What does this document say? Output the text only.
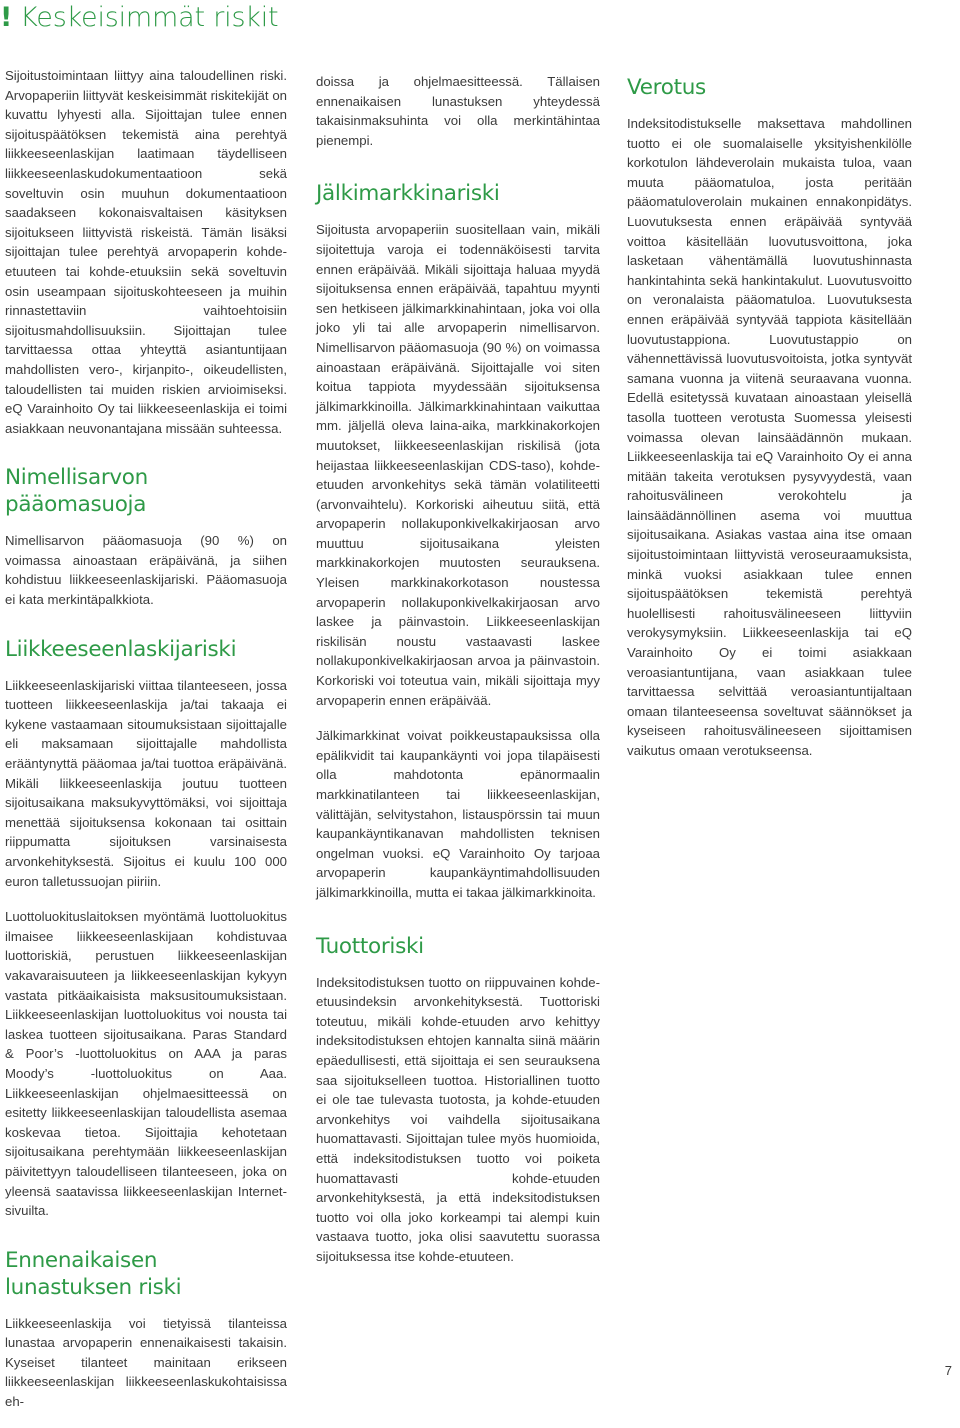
! Keskeisimmät riskit

Sijoitustoimintaan liittyy aina taloudellinen riski. Arvopaperiin liittyvät keskeisimmät riskitekijät on kuvattu lyhyesti alla. Sijoittajan tulee ennen sijoituspäätöksen tekemistä aina perehtyä liikkeeseenlaskijan laatimaan täydelliseen liikkeeseenlaskudokumentaatioon sekä soveltuvin osin muuhun dokumentaatioon saadakseen kokonaisvaltaisen käsityksen sijoitukseen liittyvistä riskeistä. Tämän lisäksi sijoittajan tulee perehtyä arvopaperin kohde-etuuteen tai kohde-etuuksiin sekä soveltuvin osin useampaan sijoituskohteeseen ja muihin rinnastettaviin vaihtoehtoisiin sijoitusmahdollisuuksiin. Sijoittajan tulee tarvittaessa ottaa yhteyttä asiantuntijaan mahdollisten vero-, kirjanpito-, oikeudellisten, taloudellisten tai muiden riskien arvioimiseksi. eQ Varainhoito Oy tai liikkeeseenlaskija ei toimi asiakkaan neuvonantajana missään suhteessa.

Nimellisarvon pääomasuoja

Nimellisarvon pääomasuoja (90 %) on voimassa ainoastaan eräpäivänä, ja siihen kohdistuu liikkeeseenlaskijariski. Pääomasuoja ei kata merkintäpalkkiota.

Liikkeeseenlaskijariski

Liikkeeseenlaskijariski viittaa tilanteeseen, jossa tuotteen liikkeeseenlaskija ja/tai takaaja ei kykene vastaamaan sitoumuksistaan sijoittajalle eli maksamaan sijoittajalle mahdollista erääntynyttä pääomaa ja/tai tuottoa eräpäivänä. Mikäli liikkeeseenlaskija joutuu tuotteen sijoitusaikana maksukyvyttömäksi, voi sijoittaja menettää sijoituksensa kokonaan tai osittain riippumatta sijoituksen varsinaisesta arvonkehityksestä. Sijoitus ei kuulu 100 000 euron talletussuojan piiriin.

Luottoluokituslaitoksen myöntämä luottoluokitus ilmaisee liikkeeseenlaskijaan kohdistuvaa luottoriskiä, perustuen liikkeeseenlaskijan vakavaraisuuteen ja liikkeeseenlaskijan kykyyn vastata pitkäaikaisista maksusitoumuksistaan. Liikkeeseenlaskijan luottoluokitus voi nousta tai laskea tuotteen sijoitusaikana. Paras Standard & Poor’s -luottoluokitus on AAA ja paras Moody’s -luottoluokitus on Aaa. Liikkeeseenlaskijan ohjelmaesitteessä on esitetty liikkeeseenlaskijan taloudellista asemaa koskevaa tietoa. Sijoittajia kehotetaan sijoitusaikana perehtymään liikkeeseenlaskijan päivitettyyn taloudelliseen tilanteeseen, joka on yleensä saatavissa liikkeeseenlaskijan Internet-sivuilta.

Ennenaikaisen lunastuksen riski

Liikkeeseenlaskija voi tietyissä tilanteissa lunastaa arvopaperin ennenaikaisesti takaisin. Kyseiset tilanteet mainitaan erikseen liikkeeseenlaskijan liikkeeseenlaskukohtaisissa eh-

doissa ja ohjelmaesitteessä. Tällaisen ennenaikaisen lunastuksen yhteydessä takaisinmaksuhinta voi olla merkintähintaa pienempi.

Jälkimarkkinariski

Sijoitusta arvopaperiin suositellaan vain, mikäli sijoitettuja varoja ei todennäköisesti tarvita ennen eräpäivää. Mikäli sijoittaja haluaa myydä sijoituksensa ennen eräpäivää, tapahtuu myynti sen hetkiseen jälkimarkkinahintaan, joka voi olla joko yli tai alle arvopaperin nimellisarvon. Nimellisarvon pääomasuoja (90 %) on voimassa ainoastaan eräpäivänä. Sijoittajalle voi siten koitua tappiota myydessään sijoituksensa jälkimarkkinoilla. Jälkimarkkinahintaan vaikuttaa mm. jäljellä oleva laina-aika, markkinakorkojen muutokset, liikkeeseenlaskijan riskilisä (jota heijastaa liikkeeseenlaskijan CDS-taso), kohde-etuuden arvonkehitys sekä tämän volatiliteetti (arvonvaihtelu). Korkoriski aiheutuu siitä, että arvopaperin nollakuponkivelkakirjaosan arvo muuttuu sijoitusaikana yleisten markkinakorkojen muutosten seurauksena. Yleisen markkinakorkotason noustessa arvopaperin nollakuponkivelkakirjaosan arvo laskee ja päinvastoin. Liikkeeseenlaskijan riskilisän noustu vastaavasti laskee nollakuponkivelkakirjaosan arvoa ja päinvastoin. Korkoriski voi toteutua vain, mikäli sijoittaja myy arvopaperin ennen eräpäivää.

Jälkimarkkinat voivat poikkeustapauksissa olla epälikvidit tai kaupankäynti voi jopa tilapäisesti olla mahdotonta epänormaalin markkinatilanteen tai liikkeeseenlaskijan, välittäjän, selvitystahon, listauspörssin tai muun kaupankäyntikanavan mahdollisten teknisen ongelman vuoksi. eQ Varainhoito Oy tarjoaa arvopaperin kaupankäyntimahdollisuuden jälkimarkkinoilla, mutta ei takaa jälkimarkkinoita.

Tuottoriski

Indeksitodistuksen tuotto on riippuvainen kohde-etuusindeksin arvonkehityksestä. Tuottoriski toteutuu, mikäli kohde-etuuden arvo kehittyy indeksitodistuksen ehtojen kannalta siinä määrin epäedullisesti, että sijoittaja ei sen seurauksena saa sijoitukselleen tuottoa. Historiallinen tuotto ei ole tae tulevasta tuotosta, ja kohde-etuuden arvonkehitys voi vaihdella sijoitusaikana huomattavasti. Sijoittajan tulee myös huomioida, että indeksitodistuksen tuotto voi poiketa huomattavasti kohde-etuuden arvonkehityksestä, ja että indeksitodistuksen tuotto voi olla joko korkeampi tai alempi kuin vastaava tuotto, joka olisi saavutettu suorassa sijoituksessa itse kohde-etuuteen.

Verotus

Indeksitodistukselle maksettava mahdollinen tuotto ei ole suomalaiselle yksityishenkilölle korkotulon lähdeverolain mukaista tuloa, vaan muuta pääomatuloa, josta peritään pääomatuloverolain mukainen ennakonpidätys. Luovutuksesta ennen eräpäivää syntyvää voittoa käsitellään luovutusvoittona, joka lasketaan vähentämällä luovutushinnasta hankintahinta sekä hankintakulut. Luovutusvoitto on veronalaista pääomatuloa. Luovutuksesta ennen eräpäivää syntyvää tappiota käsitellään luovutustappiona. Luovutustappio on vähennettävissä luovutusvoitoista, jotka syntyvät samana vuonna ja viitenä seuraavana vuonna. Edellä esitetyssä kuvataan ainoastaan yleisellä tasolla tuotteen verotusta Suomessa yleisesti voimassa olevan lainsäädännön mukaan. Liikkeeseenlaskija tai eQ Varainhoito Oy ei anna mitään takeita verotuksen pysyvyydestä, vaan rahoitusvälineen verokohtelu ja lainsäädännöllinen asema voi muuttua sijoitusaikana. Asiakas vastaa aina itse omaan sijoitustoimintaan liittyvistä veroseuraamuksista, minkä vuoksi asiakkaan tulee ennen sijoituspäätöksen tekemistä perehtyä huolellisesti rahoitusvälineeseen liittyviin verokysymyksiin. Liikkeeseenlaskija tai eQ Varainhoito Oy ei toimi asiakkaan veroasiantuntijana, vaan asiakkaan tulee tarvittaessa selvittää veroasiantuntijaltaan omaan tilanteeseensa soveltuvat säännökset ja kyseiseen rahoitusvälineeseen sijoittamisen vaikutus omaan verotukseensa.

7
